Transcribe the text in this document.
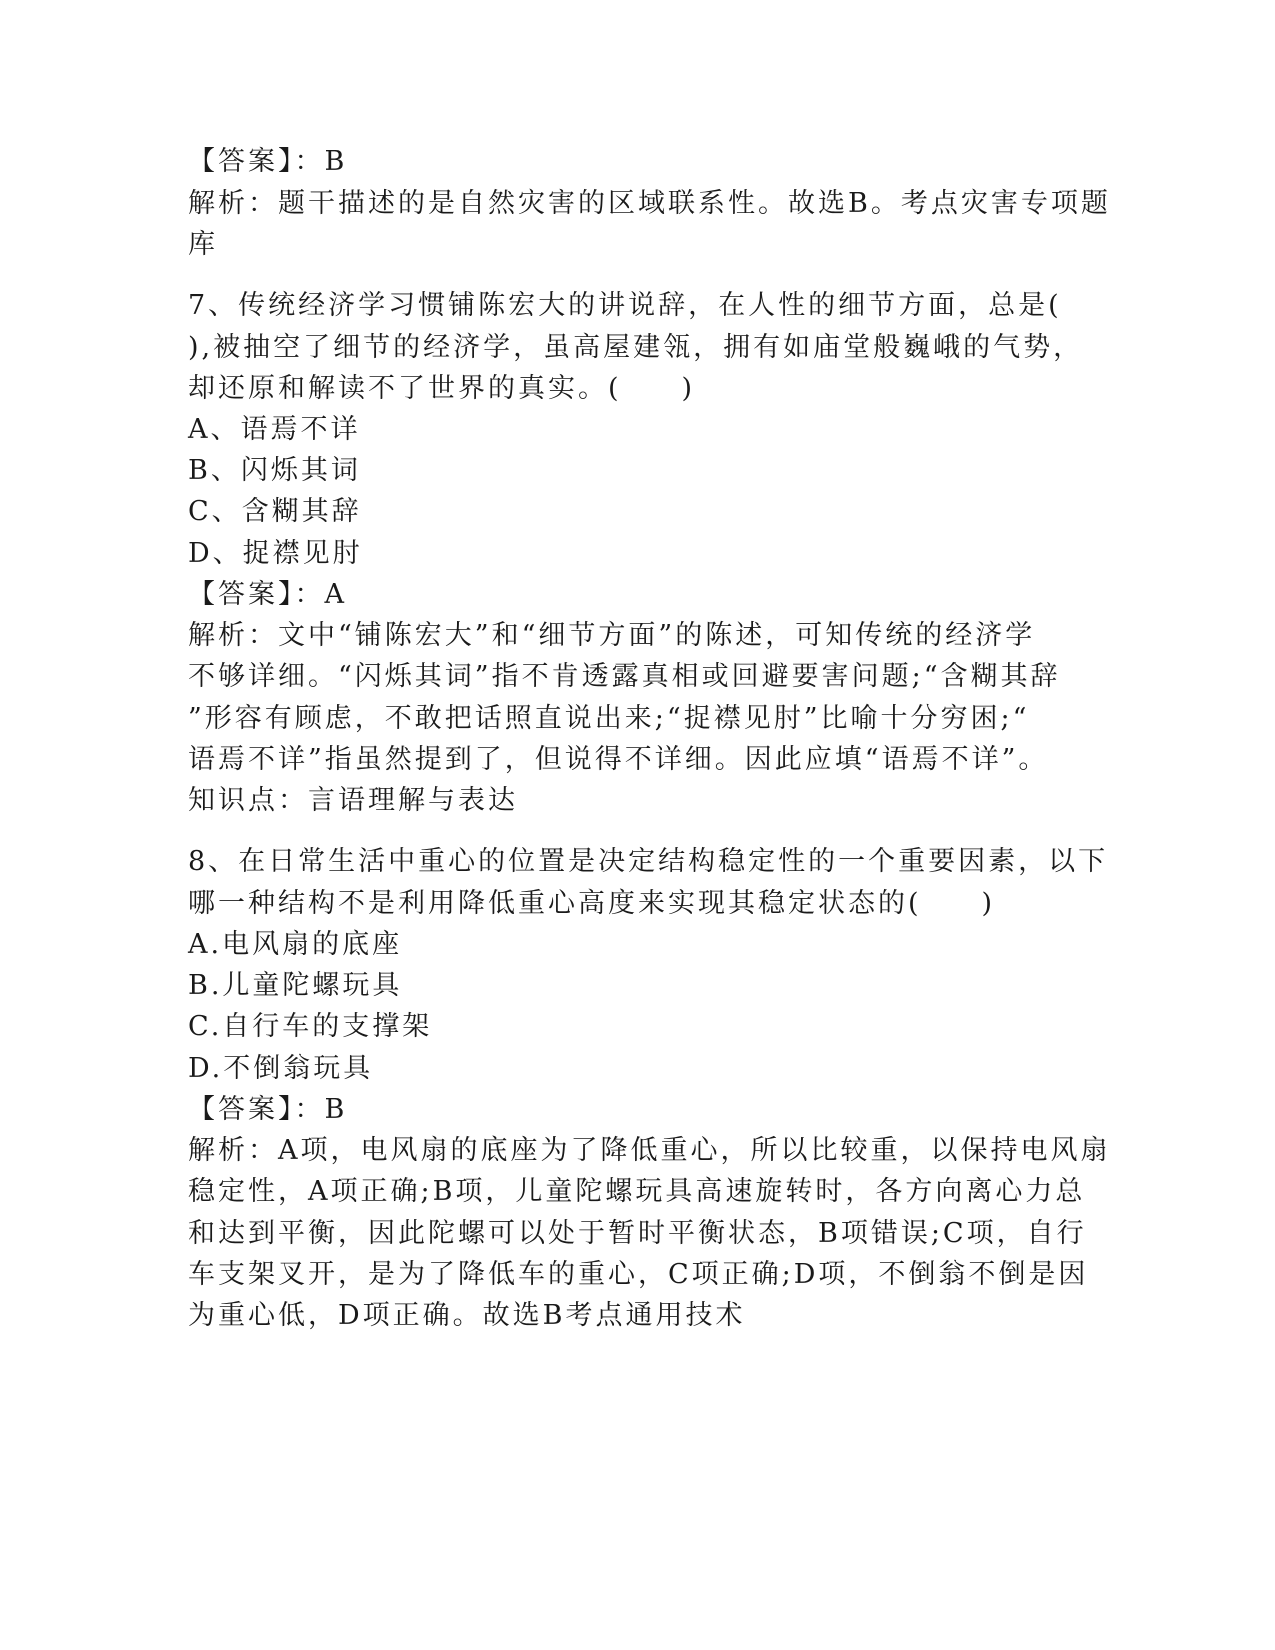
【答案】：B
解析：题干描述的是自然灾害的区域联系性。故选B。考点灾害专项题
库
7、传统经济学习惯铺陈宏大的讲说辞，在人性的细节方面，总是(
),被抽空了细节的经济学，虽高屋建瓴，拥有如庙堂般巍峨的气势，
却还原和解读不了世界的真实。(　　)
A、语焉不详
B、闪烁其词
C、含糊其辞
D、捉襟见肘
【答案】：A
解析：文中“铺陈宏大”和“细节方面”的陈述，可知传统的经济学
不够详细。“闪烁其词”指不肯透露真相或回避要害问题;“含糊其辞
”形容有顾虑，不敢把话照直说出来;“捉襟见肘”比喻十分穷困;“
语焉不详”指虽然提到了，但说得不详细。因此应填“语焉不详”。
知识点：言语理解与表达
8、在日常生活中重心的位置是决定结构稳定性的一个重要因素，以下
哪一种结构不是利用降低重心高度来实现其稳定状态的(　　)
A.电风扇的底座
B.儿童陀螺玩具
C.自行车的支撑架
D.不倒翁玩具
【答案】：B
解析：A项，电风扇的底座为了降低重心，所以比较重，以保持电风扇
稳定性，A项正确;B项，儿童陀螺玩具高速旋转时，各方向离心力总
和达到平衡，因此陀螺可以处于暂时平衡状态，B项错误;C项，自行
车支架叉开，是为了降低车的重心，C项正确;D项，不倒翁不倒是因
为重心低，D项正确。故选B考点通用技术
